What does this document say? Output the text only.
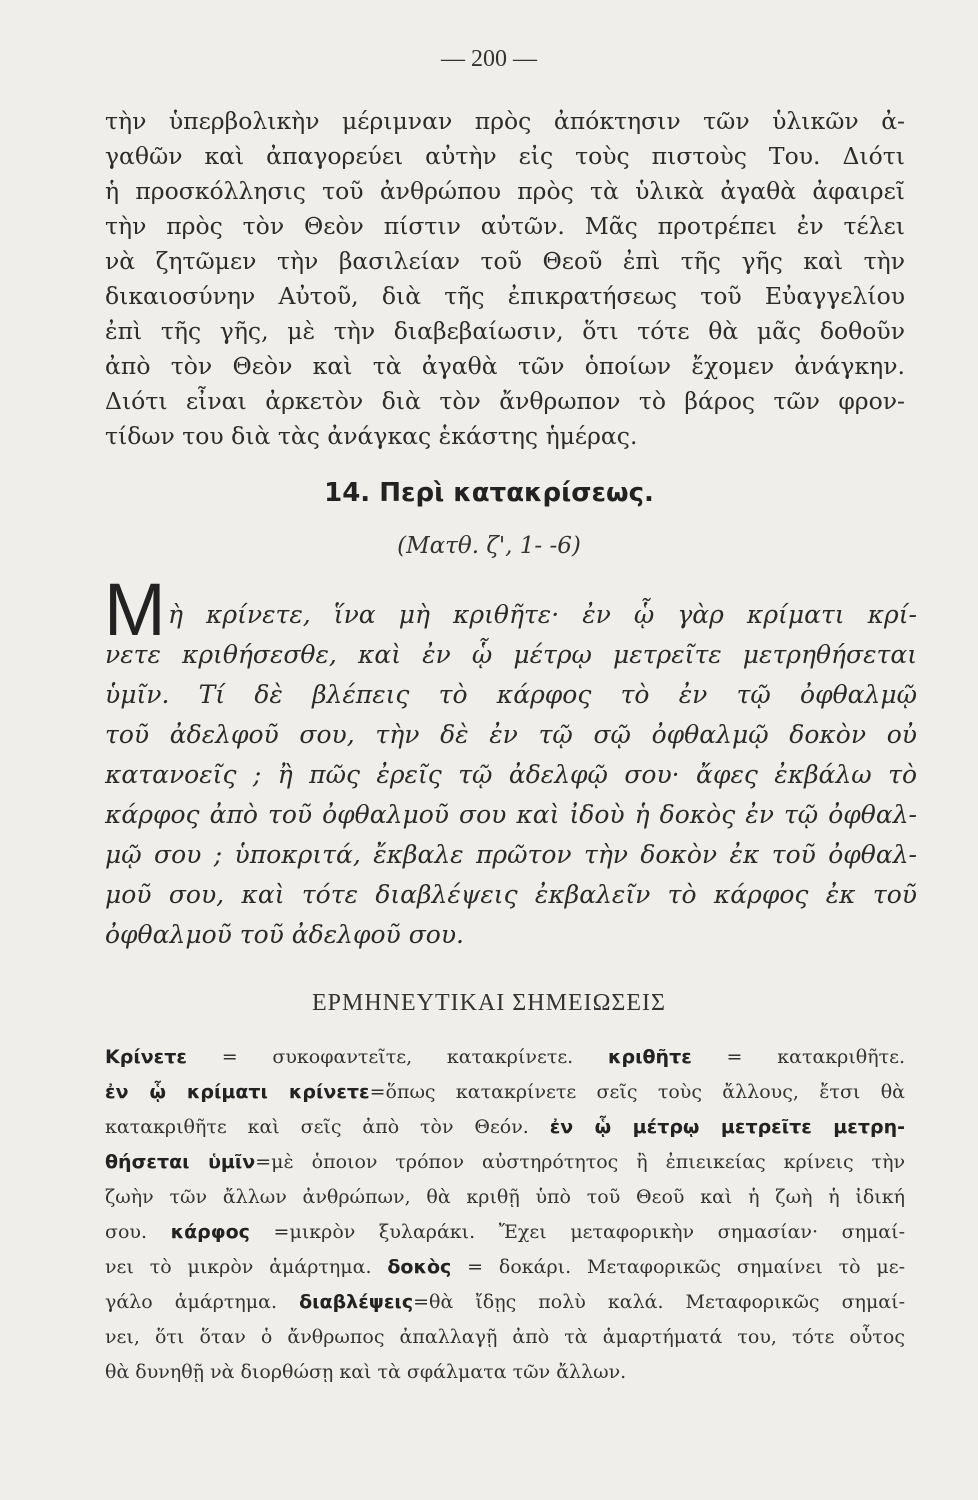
— 200 —
τὴν ὑπερβολικὴν μέριμναν πρὸς ἀπόκτησιν τῶν ὑλικῶν ἀ-
γαθῶν καὶ ἀπαγορεύει αὐτὴν εἰς τοὺς πιστοὺς Του. Διότι
ἡ προσκόλλησις τοῦ ἀνθρώπου πρὸς τὰ ὑλικὰ ἀγαθὰ ἀφαιρεῖ
τὴν πρὸς τὸν Θεὸν πίστιν αὐτῶν. Μᾶς προτρέπει ἐν τέλει
νὰ ζητῶμεν τὴν βασιλείαν τοῦ Θεοῦ ἐπὶ τῆς γῆς καὶ τὴν
δικαιοσύνην Αὐτοῦ, διὰ τῆς ἐπικρατήσεως τοῦ Εὐαγγελίου
ἐπὶ τῆς γῆς, μὲ τὴν διαβεβαίωσιν, ὅτι τότε θὰ μᾶς δοθοῦν
ἀπὸ τὸν Θεὸν καὶ τὰ ἀγαθὰ τῶν ὁποίων ἔχομεν ἀνάγκην.
Διότι εἶναι ἀρκετὸν διὰ τὸν ἄνθρωπον τὸ βάρος τῶν φρον-
τίδων του διὰ τὰς ἀνάγκας ἑκάστης ἡμέρας.
14. Περὶ κατακρίσεως.
(Ματθ. ζ', 1- -6)
Μ ὴ κρίνετε, ἵνα μὴ κριθῆτε· ἐν ᾧ γὰρ κρίματι κρί-
νετε κριθήσεσθε, καὶ ἐν ᾧ μέτρῳ μετρεῖτε μετρηθήσεται
ὑμῖν. Τί δὲ βλέπεις τὸ κάρφος τὸ ἐν τῷ ὀφθαλμῷ
τοῦ ἀδελφοῦ σου, τὴν δὲ ἐν τῷ σῷ ὀφθαλμῷ δοκὸν οὐ
κατανοεῖς ; ἢ πῶς ἐρεῖς τῷ ἀδελφῷ σου· ἄφες ἐκβάλω τὸ
κάρφος ἀπὸ τοῦ ὀφθαλμοῦ σου καὶ ἰδοὺ ἡ δοκὸς ἐν τῷ ὀφθαλ-
μῷ σου ; ὑποκριτά, ἔκβαλε πρῶτον τὴν δοκὸν ἐκ τοῦ ὀφθαλ-
μοῦ σου, καὶ τότε διαβλέψεις ἐκβαλεῖν τὸ κάρφος ἐκ τοῦ
ὀφθαλμοῦ τοῦ ἀδελφοῦ σου.
ΕΡΜΗΝΕΥΤΙΚΑΙ ΣΗΜΕΙΩΣΕΙΣ
Κρίνετε = συκοφαντεῖτε, κατακρίνετε. κριθῆτε = κατακριθῆτε.
ἐν ᾧ κρίματι κρίνετε=ὅπως κατακρίνετε σεῖς τοὺς ἄλλους, ἔτσι θὰ
κατακριθῆτε καὶ σεῖς ἀπὸ τὸν Θεόν. ἐν ᾧ μέτρῳ μετρεῖτε μετρη-
θήσεται ὑμῖν=μὲ ὁποιον τρόπον αὐστηρότητος ἢ ἐπιεικείας κρίνεις τὴν
ζωὴν τῶν ἄλλων ἀνθρώπων, θὰ κριθῇ ὑπὸ τοῦ Θεοῦ καὶ ἡ ζωὴ ἡ ἰδική
σου. κάρφος =μικρὸν ξυλαράκι. Ἔχει μεταφορικὴν σημασίαν· σημαί-
νει τὸ μικρὸν ἁμάρτημα. δοκὸς = δοκάρι. Μεταφορικῶς σημαίνει τὸ με-
γάλο ἁμάρτημα. διαβλέψεις=θὰ ἴδῃς πολὺ καλά. Μεταφορικῶς σημαί-
νει, ὅτι ὅταν ὁ ἄνθρωπος ἀπαλλαγῇ ἀπὸ τὰ ἁμαρτήματά του, τότε οὗτος
θὰ δυνηθῇ νὰ διορθώσῃ καὶ τὰ σφάλματα τῶν ἄλλων.
